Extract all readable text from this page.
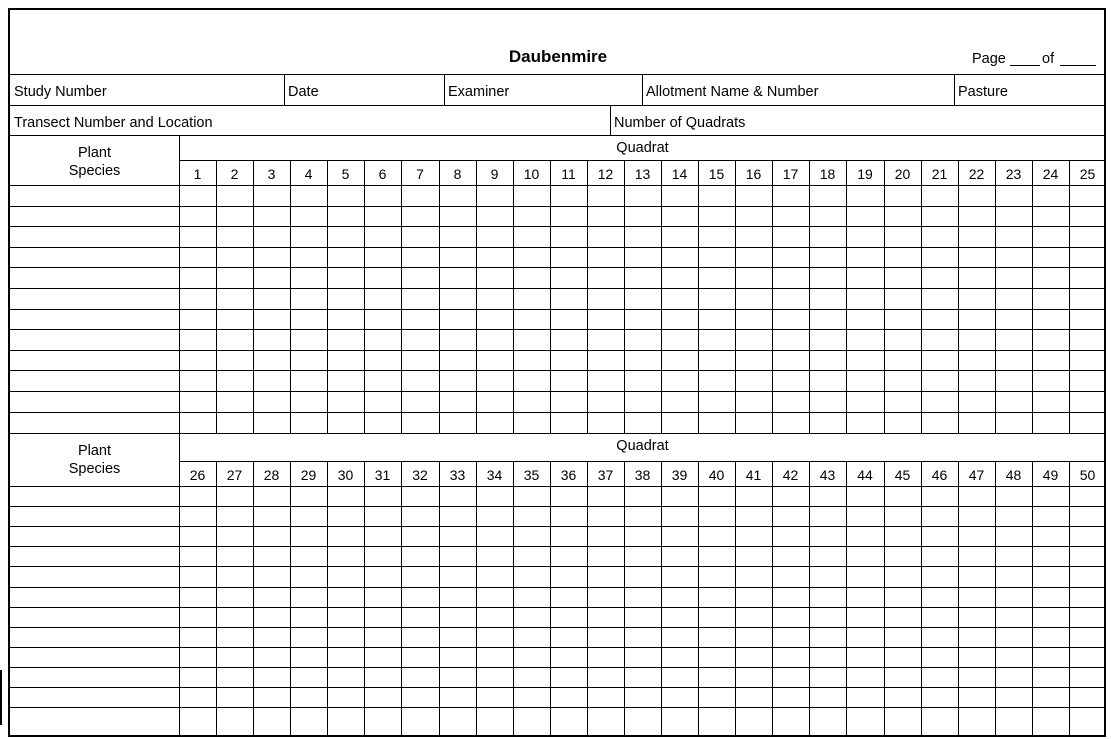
Daubenmire	Page of
Study Number	Date	Examiner	Allotment Name & Number	Pasture
Transect Number and Location	Number of Quadrats
Quadrat
Plant
Species	1	2	3	4	5	6	7	8	9	10	11	12	13	14	15	16	17	18	19	20	21	22	23	24	25
Quadrat
Plant
Species	26	27	28	29	30	31	32	33	34	35	36	37	38	39	40	41	42	43	44	45	46	47	48	49	50
